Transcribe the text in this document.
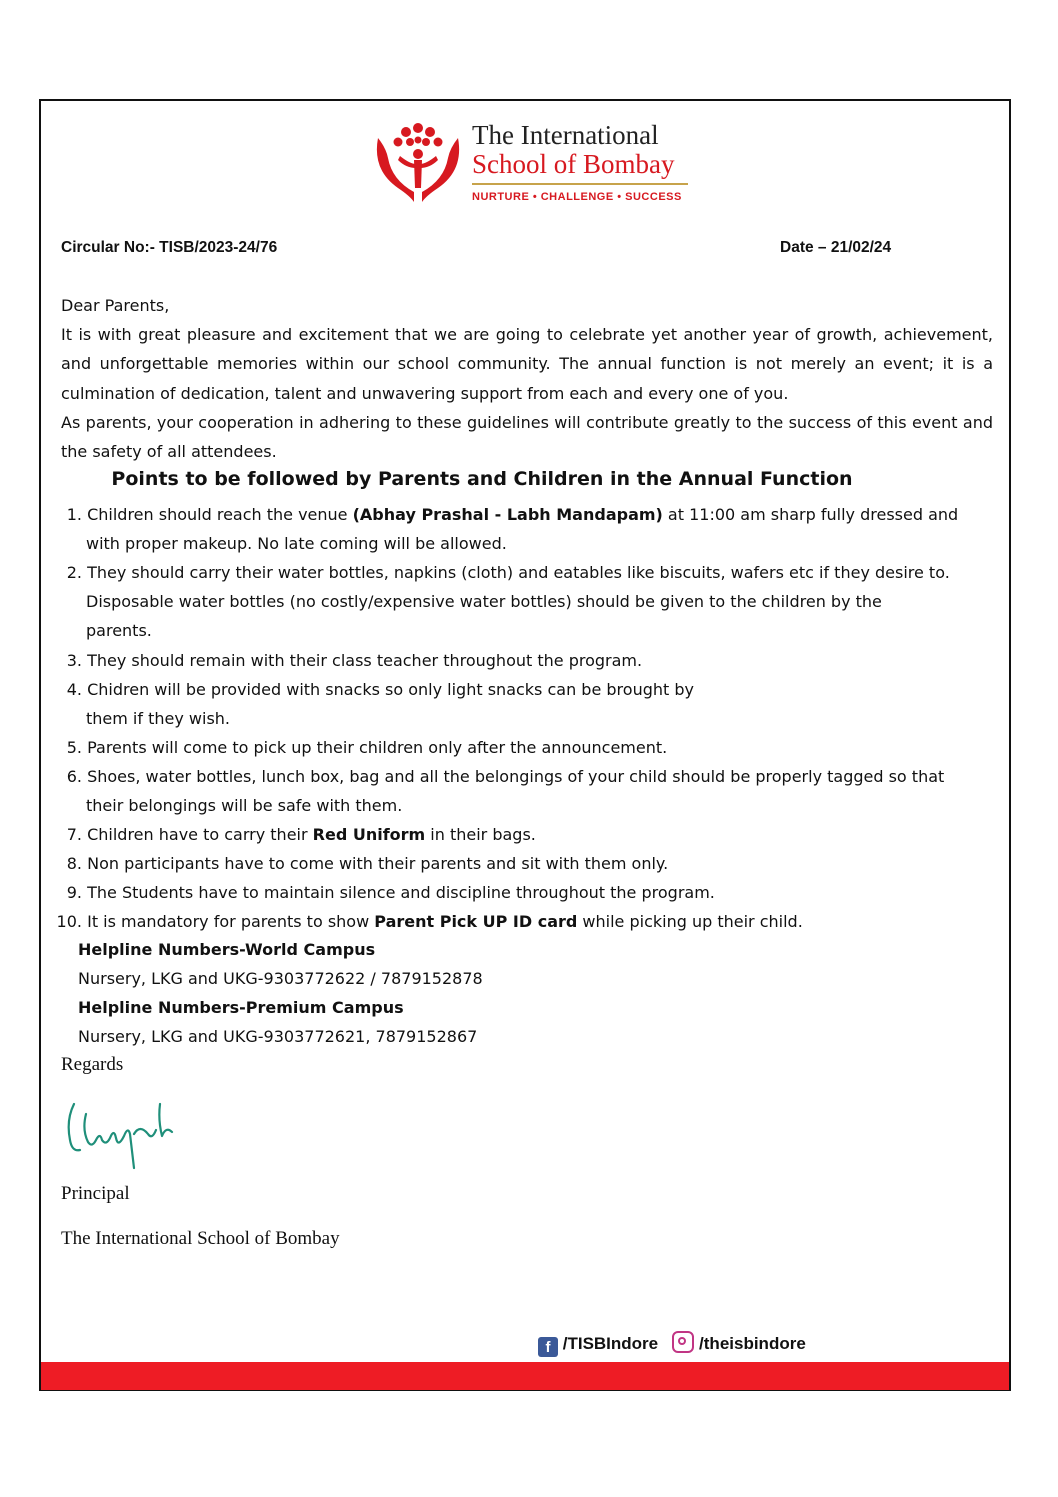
The International
School of Bombay
NURTURE • CHALLENGE • SUCCESS
Circular No:- TISB/2023-24/76	Date – 21/02/24
Dear Parents,
It is with great pleasure and excitement that we are going to celebrate yet another year of growth, achievement, and unforgettable memories within our school community. The annual function is not merely an event; it is a culmination of dedication, talent and unwavering support from each and every one of you.
As parents, your cooperation in adhering to these guidelines will contribute greatly to the success of this event and the safety of all attendees.
Points to be followed by Parents and Children in the Annual Function
1. Children should reach the venue (Abhay Prashal - Labh Mandapam) at 11:00 am sharp fully dressed and
with proper makeup. No late coming will be allowed.
2. They should carry their water bottles, napkins (cloth) and eatables like biscuits, wafers etc if they desire to.
Disposable water bottles (no costly/expensive water bottles) should be given to the children by the
parents.
3. They should remain with their class teacher throughout the program.
4. Chidren will be provided with snacks so only light snacks can be brought by
them if they wish.
5. Parents will come to pick up their children only after the announcement.
6. Shoes, water bottles, lunch box, bag and all the belongings of your child should be properly tagged so that
their belongings will be safe with them.
7. Children have to carry their Red Uniform in their bags.
8. Non participants have to come with their parents and sit with them only.
9. The Students have to maintain silence and discipline throughout the program.
10. It is mandatory for parents to show Parent Pick UP ID card while picking up their child.
Helpline Numbers-World Campus
Nursery, LKG and UKG-9303772622 / 7879152878
Helpline Numbers-Premium Campus
Nursery, LKG and UKG-9303772621, 7879152867
Regards
Principal
The International School of Bombay
f /TISBIndore /theisbindore
